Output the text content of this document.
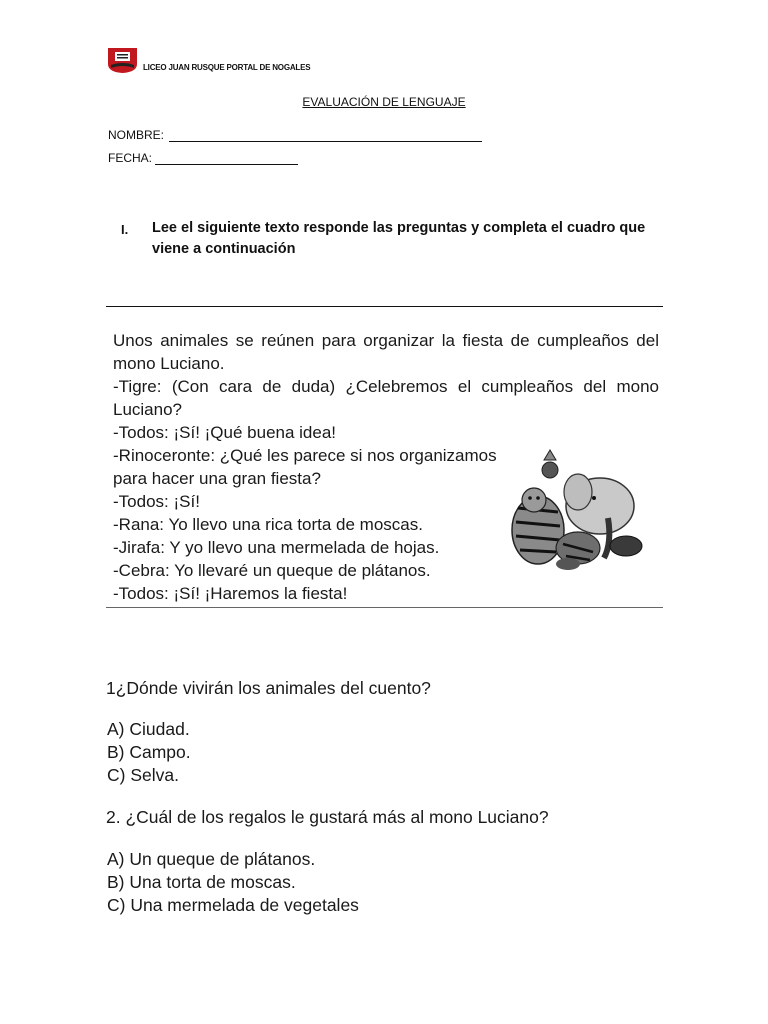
LICEO JUAN RUSQUE PORTAL DE NOGALES
EVALUACIÓN DE LENGUAJE
NOMBRE:
FECHA:
I. Lee el siguiente texto responde las preguntas y completa el cuadro que viene a continuación
Unos animales se reúnen para organizar la fiesta de cumpleaños del
mono Luciano.
-Tigre: (Con cara de duda) ¿Celebremos el cumpleaños del mono
Luciano?
-Todos: ¡Sí! ¡Qué buena idea!
-Rinoceronte: ¿Qué les parece si nos organizamos
para hacer una gran fiesta?
-Todos: ¡Sí!
-Rana: Yo llevo una rica torta de moscas.
-Jirafa: Y yo llevo una mermelada de hojas.
-Cebra: Yo llevaré un queque de plátanos.
-Todos: ¡Sí! ¡Haremos la fiesta!
1¿Dónde vivirán los animales del cuento?
A) Ciudad.
B) Campo.
C) Selva.
2. ¿Cuál de los regalos le gustará más al mono Luciano?
A) Un queque de plátanos.
B) Una torta de moscas.
C) Una mermelada de vegetales
